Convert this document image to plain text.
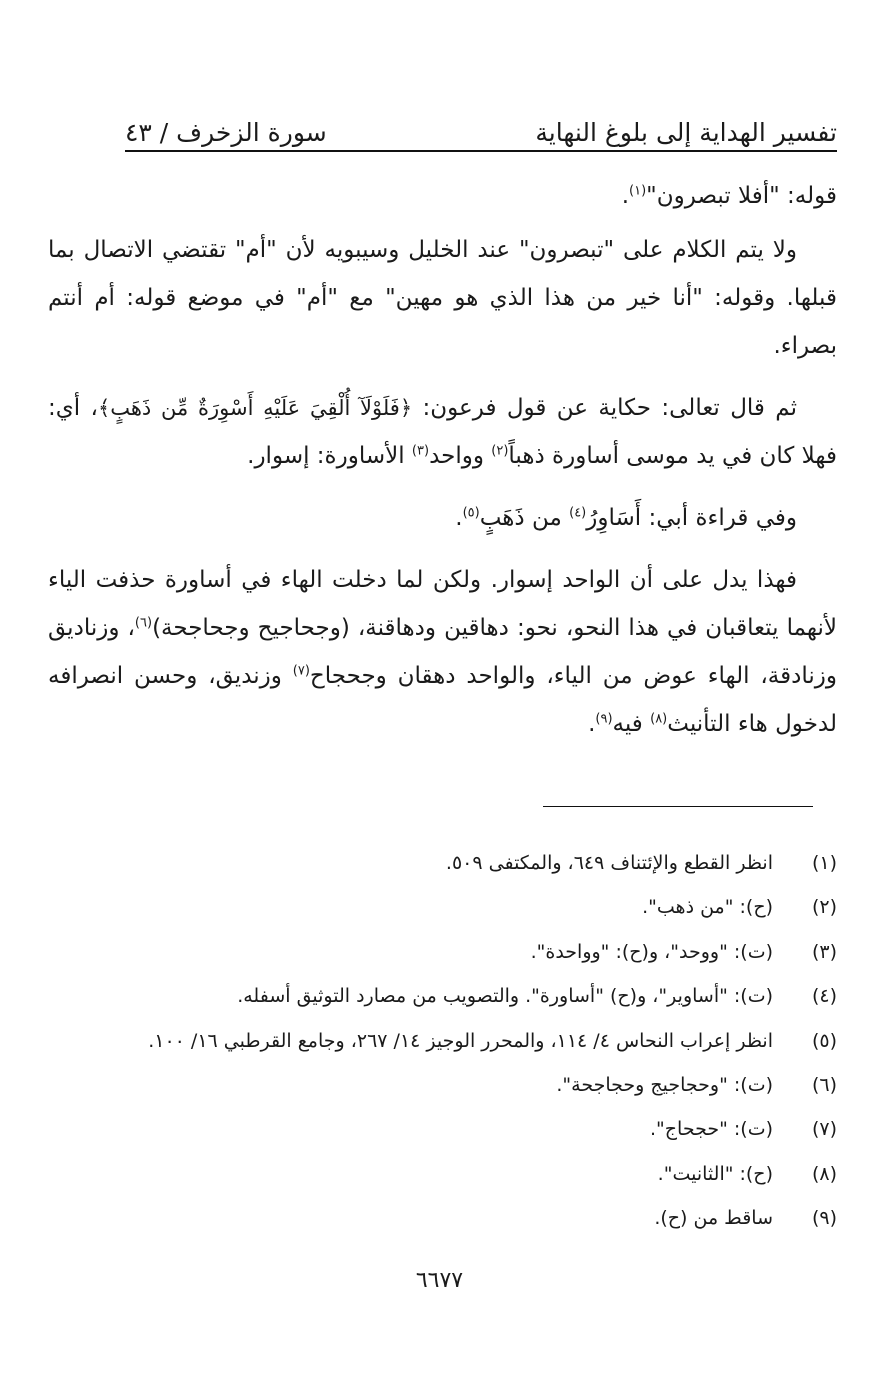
تفسير الهداية إلى بلوغ النهاية
سورة الزخرف / ٤٣

قوله: "أفلا تبصرون"$^{(١)}$.

ولا يتم الكلام على "تبصرون" عند الخليل وسيبويه لأن "أم" تقتضي الاتصال بما قبلها. وقوله: "أنا خير من هذا الذي هو مهين" مع "أم" في موضع قوله: أم أنتم بصراء.

ثم قال تعالى: حكاية عن قول فرعون: ﴿فَلَوْلَآ أُلْقِيَ عَلَيْهِ أَسْوِرَةٌ مِّن ذَهَبٍ﴾، أي: فهلا كان في يد موسى أساورة ذهباً$^{(٢)}$ وواحد$^{(٣)}$ الأساورة: إسوار.

وفي قراءة أبي: أَسَاوِرُ$^{(٤)}$ من ذَهَبٍ$^{(٥)}$.

فهذا يدل على أن الواحد إسوار. ولكن لما دخلت الهاء في أساورة حذفت الياء لأنهما يتعاقبان في هذا النحو، نحو: دهاقين ودهاقنة، (وجحاجيح وجحاجحة)$^{(٦)}$، وزناديق وزنادقة، الهاء عوض من الياء، والواحد دهقان وجحجاح$^{(٧)}$ وزنديق، وحسن انصرافه لدخول هاء التأنيث$^{(٨)}$ فيه$^{(٩)}$.

(١)
انظر القطع والإئتناف ٦٤٩، والمكتفى ٥٠٩.
(٢)
(ح): "من ذهب".
(٣)
(ت): "ووحد"، و(ح): "وواحدة".
(٤)
(ت): "أساوير"، و(ح) "أساورة". والتصويب من مصارد التوثيق أسفله.
(٥)
انظر إعراب النحاس ٤/ ١١٤، والمحرر الوجيز ١٤/ ٢٦٧، وجامع القرطبي ١٦/ ١٠٠.
(٦)
(ت): "وحجاجيج وحجاجحة".
(٧)
(ت): "حجحاج".
(٨)
(ح): "الثانيت".
(٩)
ساقط من (ح).
٦٦٧٧
